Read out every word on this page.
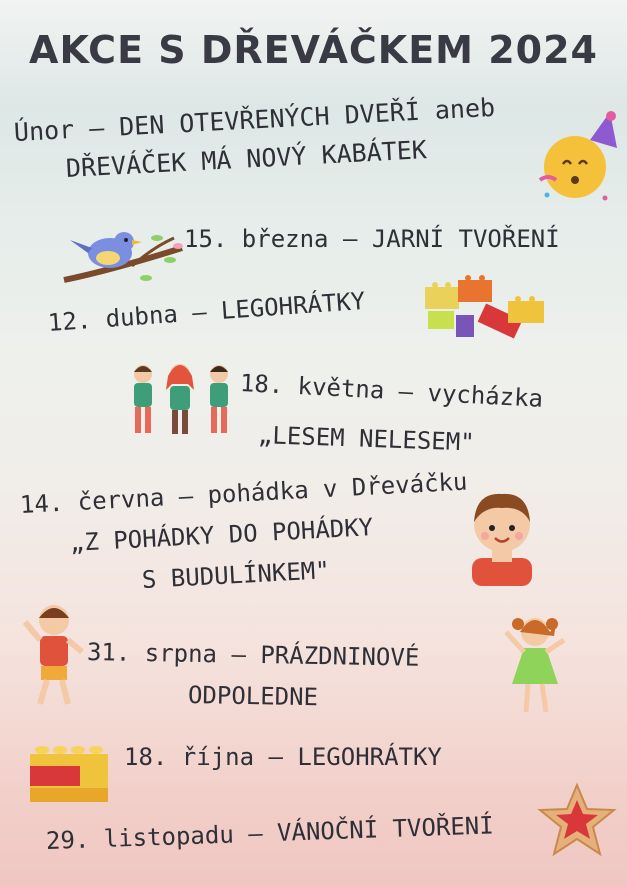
AKCE S DŘEVÁČKEM 2024
Únor – DEN OTEVŘENÝCH DVEŘÍ aneb
DŘEVÁČEK MÁ NOVÝ KABÁTEK
15. března – JARNÍ TVOŘENÍ
12. dubna – LEGOHRÁTKY
18. května – vycházka
„LESEM NELESEM"
14. června – pohádka v Dřeváčku
„Z POHÁDKY DO POHÁDKY
S BUDULÍNKEM"
31. srpna – PRÁZDNINOVÉ
ODPOLEDNE
18. října – LEGOHRÁTKY
29. listopadu – VÁNOČNÍ TVOŘENÍ
